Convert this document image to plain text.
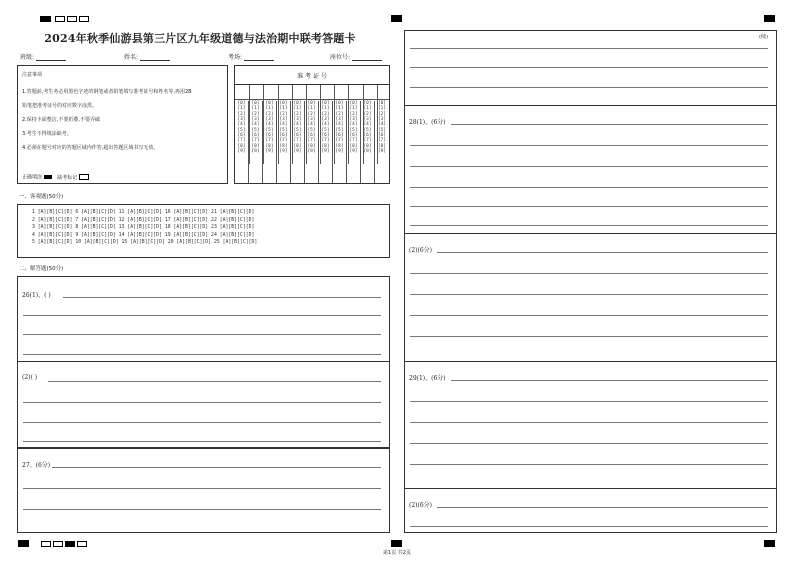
2024年秋季仙游县第三片区九年级道德与法治期中联考答题卡
班级:	姓名:	考场:	座位号:

注意事项

1.答题前,考生务必用黑色字迹的钢笔或者铅笔填写准考证号和姓名等,再用2B

铅笔把准考证号的对应数字涂黑。

2.保持卡面整洁,不要折叠,不要弄破

3.考生不得填涂缺考。

4.必须在题号对应的答题区域内作答,超出答题区域书写无效。

正确填涂	缺考标记
准 考 证 号
[0]
[1]
[2]
[3]
[4]
[5]
[6]
[7]
[8]
[9]
[0]
[1]
[2]
[3]
[4]
[5]
[6]
[7]
[8]
[9]
[0]
[1]
[2]
[3]
[4]
[5]
[6]
[7]
[8]
[9]
[0]
[1]
[2]
[3]
[4]
[5]
[6]
[7]
[8]
[9]
[0]
[1]
[2]
[3]
[4]
[5]
[6]
[7]
[8]
[9]
[0]
[1]
[2]
[3]
[4]
[5]
[6]
[7]
[8]
[9]
[0]
[1]
[2]
[3]
[4]
[5]
[6]
[7]
[8]
[9]
[0]
[1]
[2]
[3]
[4]
[5]
[6]
[7]
[8]
[9]
[0]
[1]
[2]
[3]
[4]
[5]
[6]
[7]
[8]
[9]
[0]
[1]
[2]
[3]
[4]
[5]
[6]
[7]
[8]
[9]
[0]
[1]
[2]
[3]
[4]
[5]
[6]
[7]
[8]
[9]
一、客观题(50分)
1 [A][B][C][D] 6 [A][B][C][D] 11 [A][B][C][D] 16 [A][B][C][D] 21 [A][B][C][D]
2 [A][B][C][D] 7 [A][B][C][D] 12 [A][B][C][D] 17 [A][B][C][D] 22 [A][B][C][D]
3 [A][B][C][D] 8 [A][B][C][D] 13 [A][B][C][D] 18 [A][B][C][D] 23 [A][B][C][D]
4 [A][B][C][D] 9 [A][B][C][D] 14 [A][B][C][D] 19 [A][B][C][D] 24 [A][B][C][D]
5 [A][B][C][D] 10 [A][B][C][D] 15 [A][B][C][D] 20 [A][B][C][D] 25 [A][B][C][D]
二、解答题(50分)
26(1)、( )
(2)( )
27、(6分)
(续)
28(1)、(6分)
(2)(6分)
29(1)、(6分)
(2)(6分)
第1页 共2页
